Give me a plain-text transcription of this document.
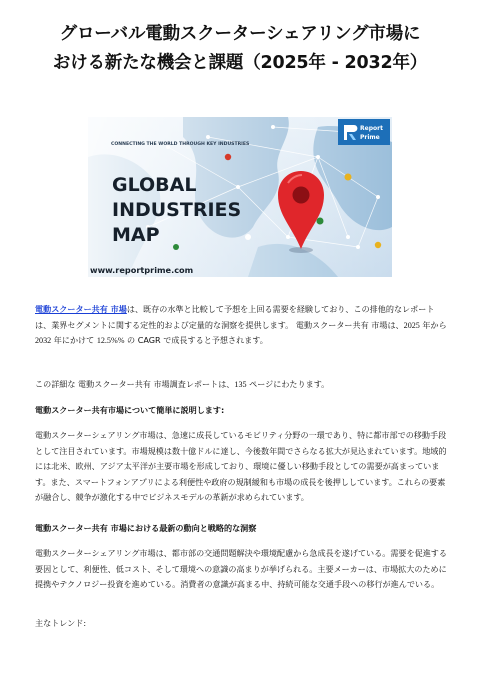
グローバル電動スクーターシェアリング市場に
おける新たな機会と課題（2025年 - 2032年）
CONNECTING THE WORLD THROUGH KEY INDUSTRIES
GLOBAL
INDUSTRIES
MAP
www.reportprime.com
Report
Prime

電動スクーター共有 市場は、既存の水準と比較して予想を上回る需要を経験しており、この排他的なレポートは、業界セグメントに関する定性的および定量的な洞察を提供します。 電動スクーター共有 市場は、2025 年から 2032 年にかけて 12.5%% の CAGR で成長すると予想されます。

この詳細な 電動スクーター共有 市場調査レポートは、135 ページにわたります。

電動スクーター共有市場について簡単に説明します:

電動スクーターシェアリング市場は、急速に成長しているモビリティ分野の一環であり、特に都市部での移動手段として注目されています。市場規模は数十億ドルに達し、今後数年間でさらなる拡大が見込まれています。地域的には北米、欧州、アジア太平洋が主要市場を形成しており、環境に優しい移動手段としての需要が高まっています。また、スマートフォンアプリによる利便性や政府の規制緩和も市場の成長を後押ししています。これらの要素が融合し、競争が激化する中でビジネスモデルの革新が求められています。

電動スクーター共有 市場における最新の動向と戦略的な洞察

電動スクーターシェアリング市場は、都市部の交通問題解決や環境配慮から急成長を遂げている。需要を促進する要因として、利便性、低コスト、そして環境への意識の高まりが挙げられる。主要メーカーは、市場拡大のために提携やテクノロジー投資を進めている。消費者の意識が高まる中、持続可能な交通手段への移行が進んでいる。

主なトレンド:
